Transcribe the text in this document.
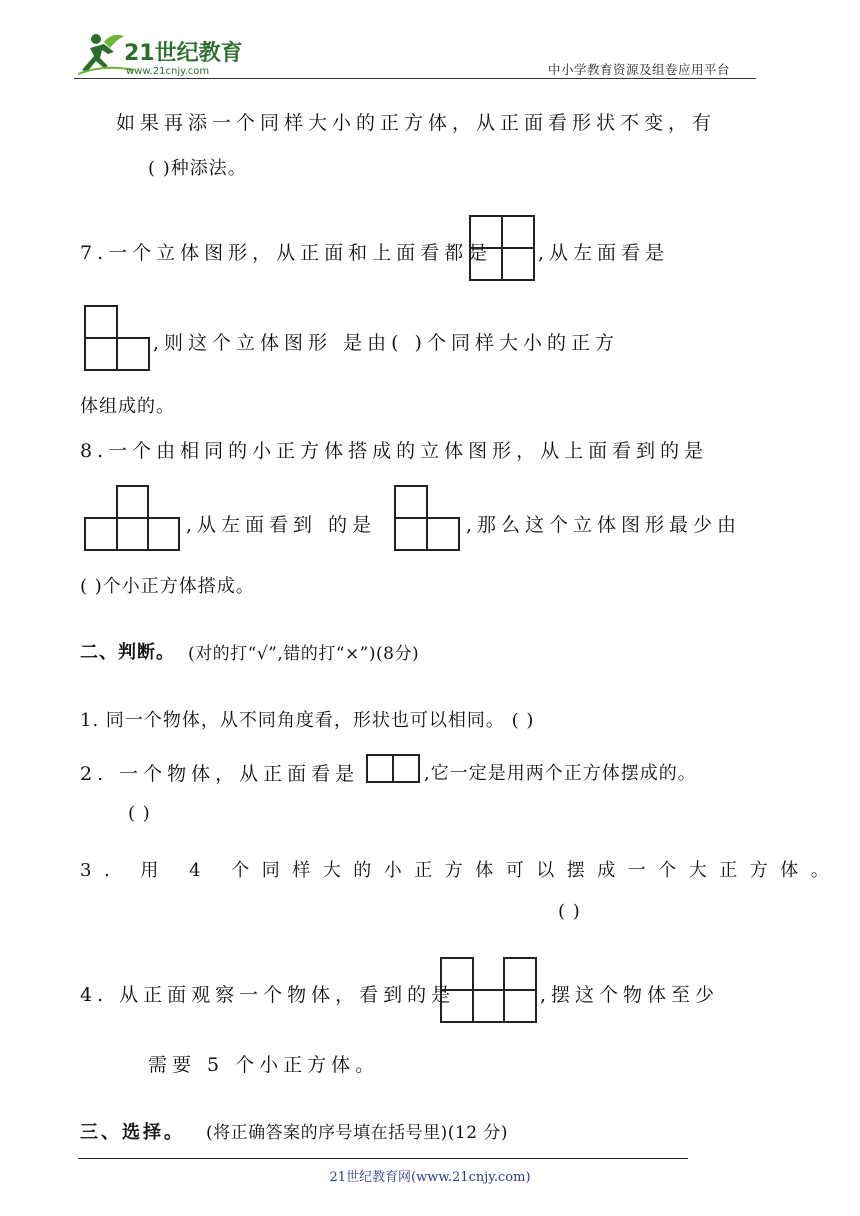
21世纪教育
www.21cnjy.com	中小学教育资源及组卷应用平台
如果再添一个同样大小的正方体，从正面看形状不变，有
( )种添法。
7.一个立体图形，从正面和上面看都是 ,从左面看是
,则这个立体图形 是由( )个同样大小的正方
体组成的。
8.一个由相同的小正方体搭成的立体图形，从上面看到的是
,从左面看到 的是	,那么这个立体图形最少由
( )个小正方体搭成。
二、判断。 (对的打“√”,错的打“×”)(8分)
1. 同一个物体，从不同角度看，形状也可以相同。 ( )
2. 一个物体，从正面看是	,它一定是用两个正方体摆成的。
( )
3. 用 4 个同样大的小正方体可以摆成一个大正方体。
( )
4. 从正面观察一个物体，看到的是	,摆这个物体至少
需要 5 个小正方体。
三、选择。 (将正确答案的序号填在括号里)(12 分)
21世纪教育网(www.21cnjy.com)
